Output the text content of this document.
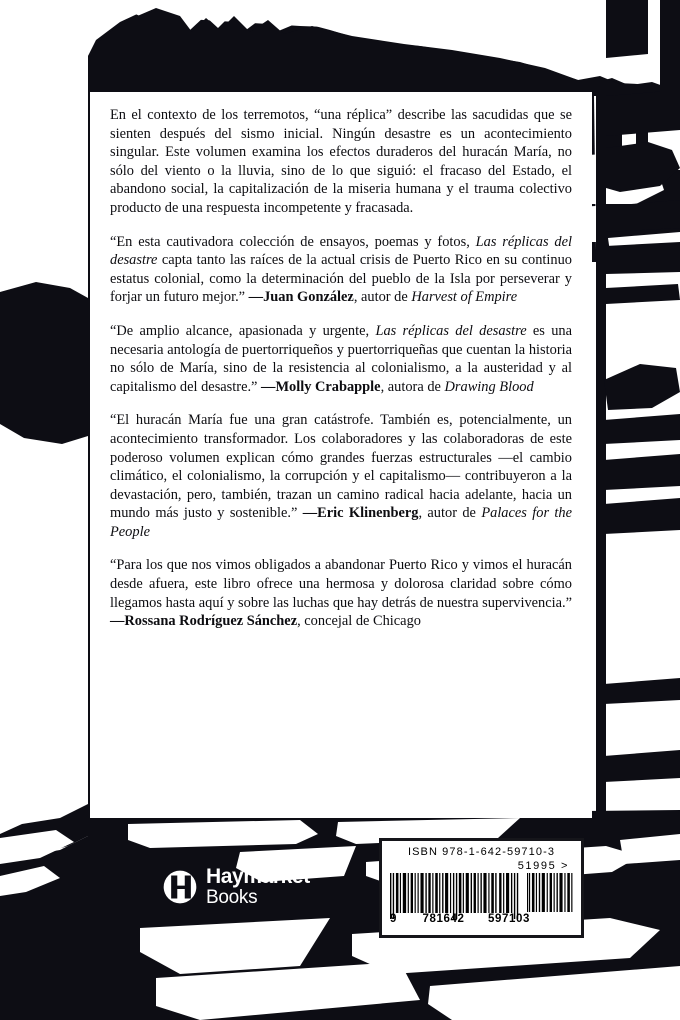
En el contexto de los terremotos, “una réplica” describe las sacudidas que se sienten después del sismo inicial. Ningún desastre es un acontecimiento singular. Este volumen examina los efectos duraderos del huracán María, no sólo del viento o la lluvia, sino de lo que siguió: el fracaso del Estado, el abandono social, la capitalización de la miseria humana y el trauma colectivo producto de una respuesta incompetente y fracasada.

“En esta cautivadora colección de ensayos, poemas y fotos, Las réplicas del desastre capta tanto las raíces de la actual crisis de Puerto Rico en su continuo estatus colonial, como la determinación del pueblo de la Isla por perseverar y forjar un futuro mejor.” —Juan González, autor de Harvest of Empire

“De amplio alcance, apasionada y urgente, Las réplicas del desastre es una necesaria antología de puertorriqueños y puertorriqueñas que cuentan la historia no sólo de María, sino de la resistencia al colonialismo, a la austeridad y al capitalismo del desastre.” —Molly Crabapple, autora de Drawing Blood

“El huracán María fue una gran catástrofe. También es, potencialmente, un acontecimiento transformador. Los colaboradores y las colaboradoras de este poderoso volumen explican cómo grandes fuerzas estructurales —el cambio climático, el colonialismo, la corrupción y el capitalismo— contribuyeron a la devastación, pero, también, trazan un camino radical hacia adelante, hacia un mundo más justo y sostenible.” —Eric Klinenberg, autor de Palaces for the People

“Para los que nos vimos obligados a abandonar Puerto Rico y vimos el huracán desde afuera, este libro ofrece una hermosa y dolorosa claridad sobre cómo llegamos hasta aquí y sobre las luchas que hay detrás de nuestra supervivencia.” —Rossana Rodríguez Sánchez, concejal de Chicago

Haymarket
Books
ISBN 978-1-642-59710-3
51995 >
9 781642 597103
Current Affairs $19.95
